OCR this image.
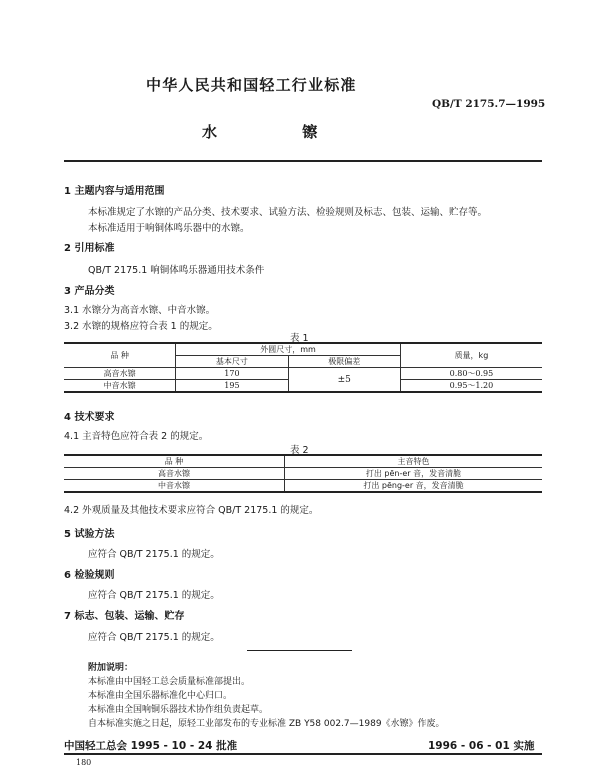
中华人民共和国轻工行业标准
QB/T 2175.7—1995
水 镲
1 主题内容与适用范围
本标准规定了水镲的产品分类、技术要求、试验方法、检验规则及标志、包装、运输、贮存等。
本标准适用于响铜体鸣乐器中的水镲。
2 引用标准
QB/T 2175.1 响铜体鸣乐器通用技术条件
3 产品分类
3.1 水镲分为高音水镲、中音水镲。
3.2 水镲的规格应符合表 1 的规定。
表 1
品 种	外圆尺寸，mm		质量，kg
	基本尺寸	极限偏差	
高音水镲	170	±5	0.80～0.95
中音水镲	195		0.95～1.20
4 技术要求
4.1 主音特色应符合表 2 的规定。
表 2
品 种	主音特色
高音水镲	打出 pēn-er 音，发音清脆
中音水镲	打出 pēng-er 音，发音清脆
4.2 外观质量及其他技术要求应符合 QB/T 2175.1 的规定。
5 试验方法
应符合 QB/T 2175.1 的规定。
6 检验规则
应符合 QB/T 2175.1 的规定。
7 标志、包装、运输、贮存
应符合 QB/T 2175.1 的规定。
附加说明：
本标准由中国轻工总会质量标准部提出。
本标准由全国乐器标准化中心归口。
本标准由全国响铜乐器技术协作组负责起草。
自本标准实施之日起，原轻工业部发布的专业标准 ZB Y58 002.7—1989《水镲》作废。
中国轻工总会 1995 - 10 - 24 批准	1996 - 06 - 01 实施
180
